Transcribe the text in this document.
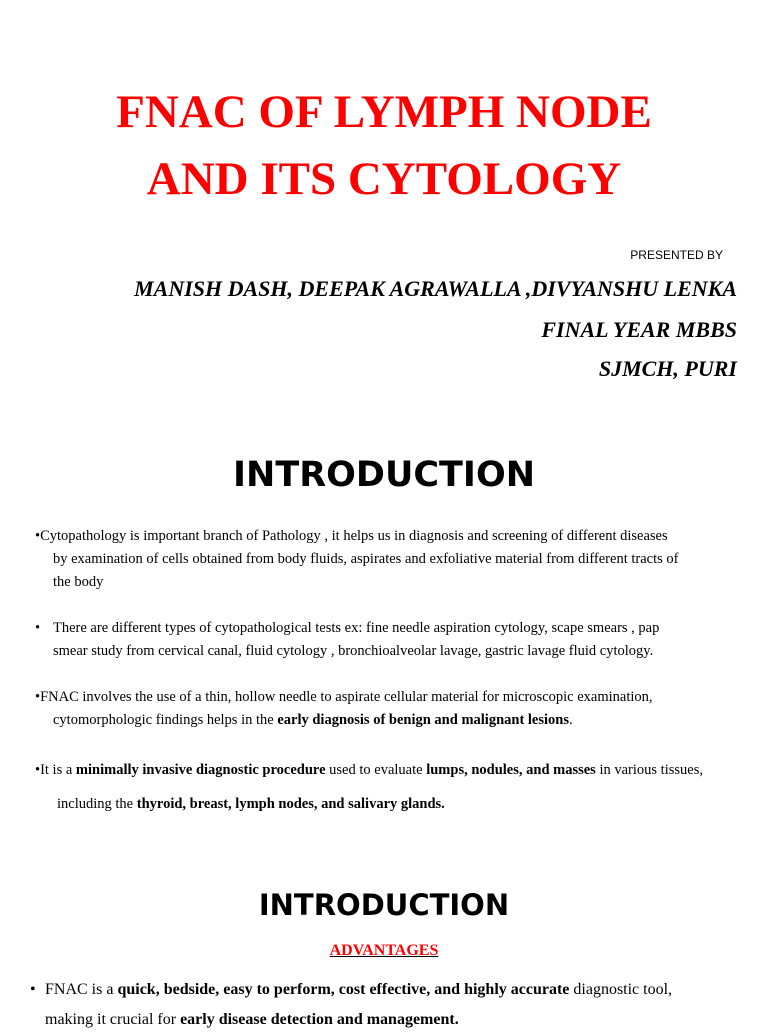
FNAC OF LYMPH NODE
AND ITS CYTOLOGY
PRESENTED BY
MANISH DASH, DEEPAK AGRAWALLA ,DIVYANSHU LENKA
FINAL YEAR MBBS
SJMCH, PURI
INTRODUCTION

•Cytopathology is important branch of Pathology , it helps us in diagnosis and screening of different diseases

by examination of cells obtained from body fluids, aspirates and exfoliative material from different tracts of

the body

• There are different types of cytopathological tests ex: fine needle aspiration cytology, scape smears , pap

smear study from cervical canal, fluid cytology , bronchioalveolar lavage, gastric lavage fluid cytology.

•FNAC involves the use of a thin, hollow needle to aspirate cellular material for microscopic examination,

cytomorphologic findings helps in the early diagnosis of benign and malignant lesions.

•It is a minimally invasive diagnostic procedure used to evaluate lumps, nodules, and masses in various tissues,

including the thyroid, breast, lymph nodes, and salivary glands.

INTRODUCTION
ADVANTAGES

• FNAC is a quick, bedside, easy to perform, cost effective, and highly accurate diagnostic tool,

making it crucial for early disease detection and management.
